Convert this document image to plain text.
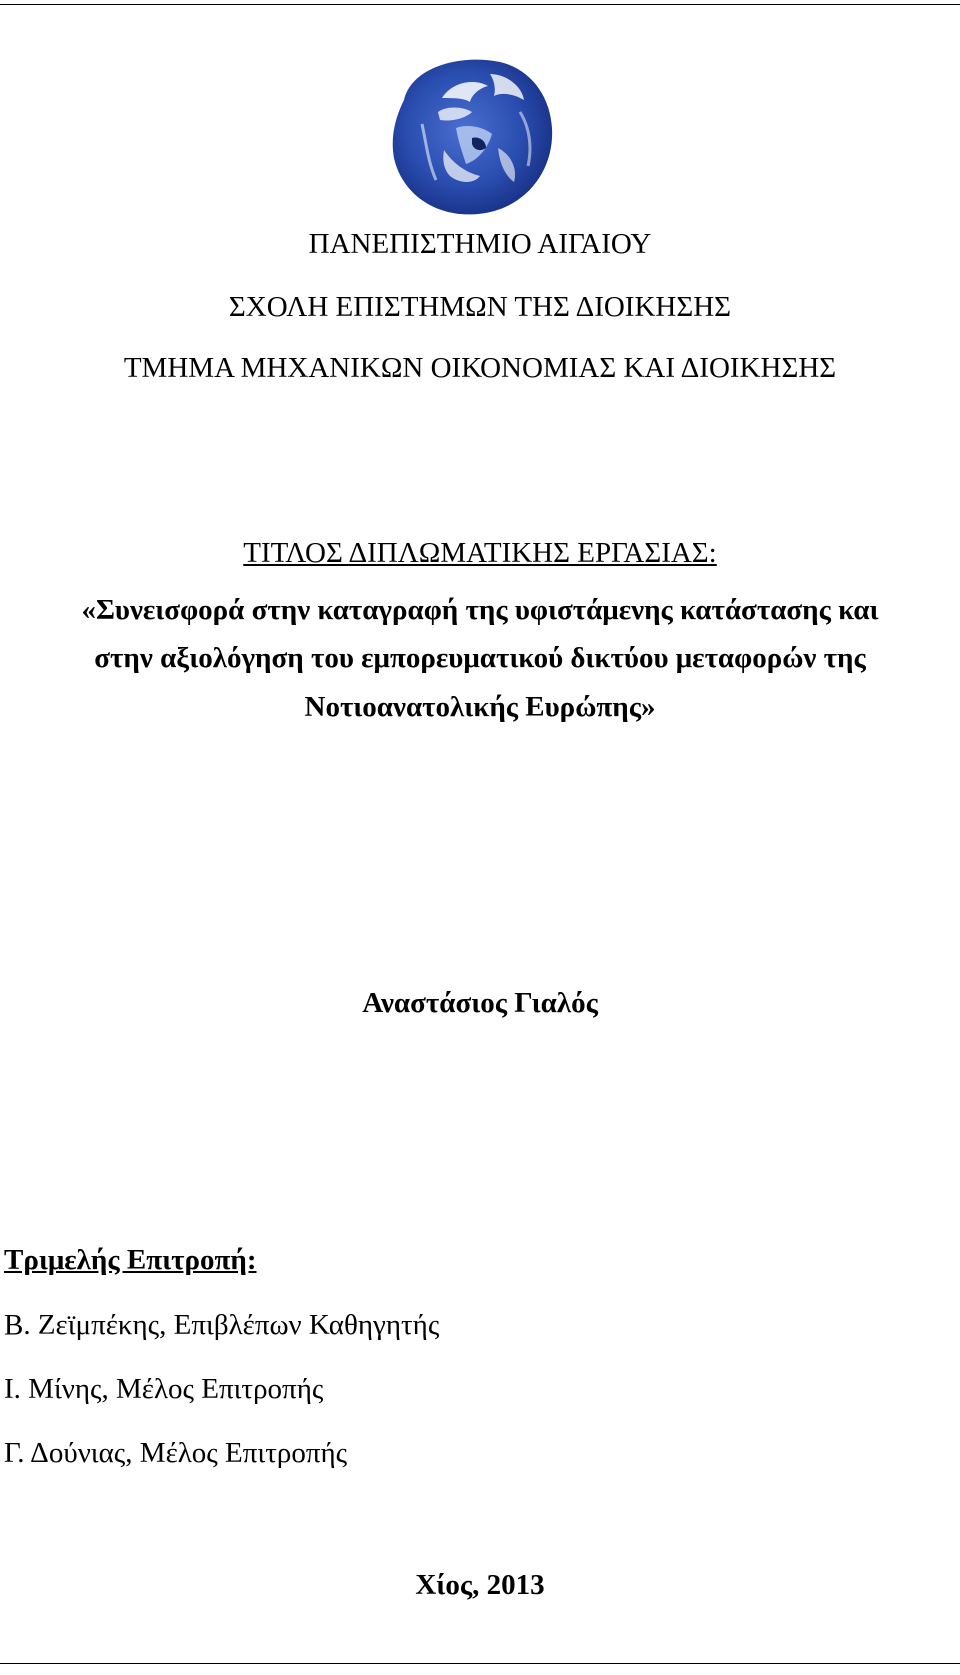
ΠΑΝΕΠΙΣΤΗΜΙΟ ΑΙΓΑΙΟΥ
ΣΧΟΛΗ ΕΠΙΣΤΗΜΩΝ ΤΗΣ ΔΙΟΙΚΗΣΗΣ
ΤΜΗΜΑ ΜΗΧΑΝΙΚΩΝ ΟΙΚΟΝΟΜΙΑΣ ΚΑΙ ΔΙΟΙΚΗΣΗΣ
ΤΙΤΛΟΣ ΔΙΠΛΩΜΑΤΙΚΗΣ ΕΡΓΑΣΙΑΣ:
«Συνεισφορά στην καταγραφή της υφιστάμενης κατάστασης και
στην αξιολόγηση του εμπορευματικού δικτύου μεταφορών της
Νοτιοανατολικής Ευρώπης»
Αναστάσιος Γιαλός
Τριμελής Επιτροπή:
Β. Ζεϊμπέκης, Επιβλέπων Καθηγητής
Ι. Μίνης, Μέλος Επιτροπής
Γ. Δούνιας, Μέλος Επιτροπής
Χίος, 2013
